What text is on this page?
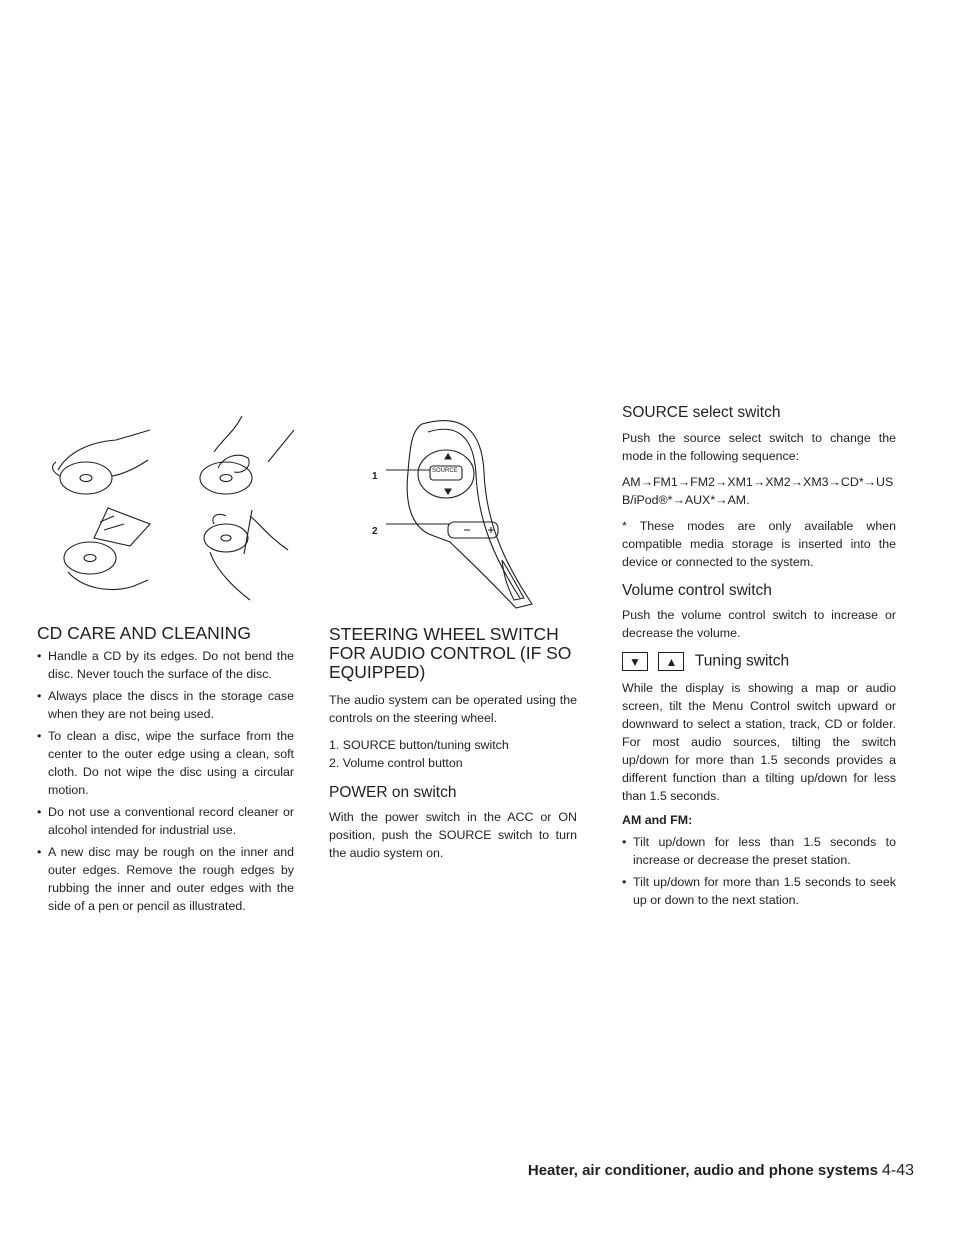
1
2
SOURCE
CD CARE AND CLEANING

• Handle a CD by its edges. Do not bend the disc. Never touch the surface of the disc.

• Always place the discs in the storage case when they are not being used.

• To clean a disc, wipe the surface from the center to the outer edge using a clean, soft cloth. Do not wipe the disc using a circular motion.

• Do not use a conventional record cleaner or alcohol intended for industrial use.

• A new disc may be rough on the inner and outer edges. Remove the rough edges by rubbing the inner and outer edges with the side of a pen or pencil as illustrated.

STEERING WHEEL SWITCH FOR AUDIO CONTROL (IF SO EQUIPPED)

The audio system can be operated using the controls on the steering wheel.

1. SOURCE button/tuning switch

2. Volume control button

POWER on switch

With the power switch in the ACC or ON position, push the SOURCE switch to turn the audio system on.

SOURCE select switch

Push the source select switch to change the mode in the following sequence:

AM→FM1→FM2→XM1→XM2→XM3→CD*→USB/iPod®*→AUX*→AM.

* These modes are only available when compatible media storage is inserted into the device or connected to the system.

Volume control switch

Push the volume control switch to increase or decrease the volume.

▼ ▲ Tuning switch

While the display is showing a map or audio screen, tilt the Menu Control switch upward or downward to select a station, track, CD or folder. For most audio sources, tilting the switch up/down for more than 1.5 seconds provides a different function than a tilting up/down for less than 1.5 seconds.

AM and FM:

• Tilt up/down for less than 1.5 seconds to increase or decrease the preset station.

• Tilt up/down for more than 1.5 seconds to seek up or down to the next station.

Heater, air conditioner, audio and phone systems 4-43
